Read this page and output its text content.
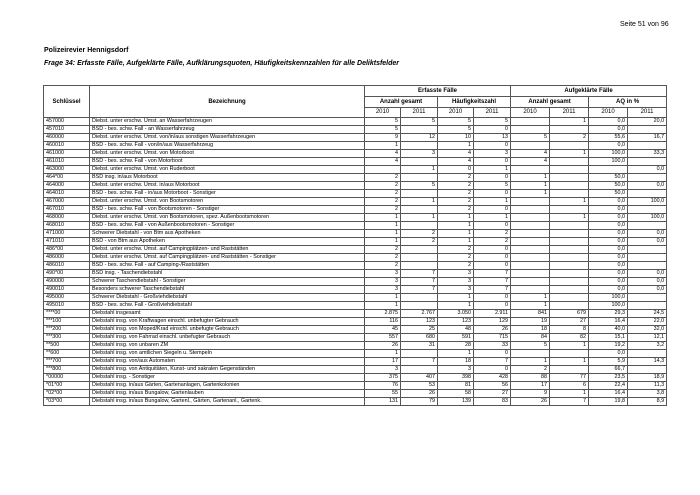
Seite 51 von 96
Polizeirevier Hennigsdorf
Frage 34: Erfasste Fälle, Aufgeklärte Fälle, Aufklärungsquoten, Häufigkeitskennzahlen für alle Deliktsfelder
Schlüssel	Bezeichnung	Erfasste Fälle				Aufgeklärte Fälle			
		Anzahl gesamt		Häufigkeitszahl		Anzahl gesamt		AQ in %	
		2010	2011	2010	2011	2010	2011	2010	2011
457000	Diebst. unter erschw. Umst. an Wasserfahrzeugen	5	5	5	5		1	0,0	20,0
457010	BSD - bes. schw. Fall - an Wasserfahrzeug	5		5	0			0,0	
460000	Diebst. unter erschw. Umst. von/in/aus sonstigen Wasserfahrzeugen	9	12	10	13	5	2	55,6	16,7
460010	BSD - bes. schw. Fall - von/in/aus Wasserfahrzeug	1		1	0			0,0	
461000	Diebst. unter erschw. Umst. von Motorboot	4	3	4	3	4	1	100,0	33,3
461010	BSD - bes. schw. Fall - von Motorboot	4		4	0	4		100,0	
463000	Diebst. unter erschw. Umst. von Ruderboot		1	0	1				0,0
464*00	BSD insg. in/aus Motorboot	2		2	0	1		50,0	
464000	Diebst. unter erschw. Umst. in/aus Motorboot	2	5	2	5	1		50,0	0,0
464010	BSD - bes. schw. Fall - in/aus Motorboot - Sonstiger	2		2	0	1		50,0	
467000	Diebst. unter erschw. Umst. von Bootsmotoren	2	1	2	1		1	0,0	100,0
467010	BSD - bes. schw. Fall - von Bootsmotoren - Sonstiger	2		2	0			0,0	
468000	Diebst. unter erschw. Umst. von Bootsmotoren, spez. Außenbootsmotoren	1	1	1	1		1	0,0	100,0
468010	BSD - bes. schw. Fall - von Außenbootsmotoren - Sonstiger	1		1	0			0,0	
471000	Schwerer Diebstahl - von Btm aus Apotheken	1	2	1	2			0,0	0,0
471010	BSD - von Btm aus Apotheken	1	2	1	2			0,0	0,0
486*00	Diebst. unter erschw. Umst. auf Campingplätzen- und Raststätten	2		2	0			0,0	
486000	Diebst. unter erschw. Umst. auf Campingplätzen- und Raststätten - Sonstiger	2		2	0			0,0	
486010	BSD - bes. schw. Fall - auf Camping-/Raststätten	2		2	0			0,0	
490*00	BSD insg. - Taschendiebstahl	3	7	3	7			0,0	0,0
490000	Schwerer Taschendiebstahl - Sonstiger	3	7	3	7			0,0	0,0
490010	Besonders schwerer Taschendiebstahl	3	7	3	7			0,0	0,0
495000	Schwerer Diebstahl - Großviehdiebstahl	1		1	0	1		100,0	
495010	BSD - bes. schw. Fall - Großviehdiebstahl	1		1	0	1		100,0	
****00	Diebstahl insgesamt	2.875	2.767	3.050	2.911	841	679	29,3	24,5
***100	Diebstahl insg. von Kraftwagen einschl. unbefugter Gebrauch	116	123	123	129	19	27	16,4	22,0
***200	Diebstahl insg. von Moped/Krad einschl. unbefugte Gebrauch	45	25	48	26	18	8	40,0	32,0
***300	Diebstahl insg. von Fahrrad einschl. unbefugter Gebrauch	557	680	591	715	84	82	15,1	12,1
**500	Diebstahl insg. von unbaren ZM	26	31	28	33	5	1	19,2	3,2
**600	Diebstahl insg. von amtlichen Siegeln u. Stempeln	1		1	0			0,0	
***700	Diebstahl insg. von/aus Automaten	17	7	18	7	1	1	5,9	14,3
***800	Diebstahl insg. von Antiquitäten, Kunst- und sakralen Gegenständen	3		3	0	2		66,7	
*00000	Diebstahl insg. - Sonstiger	375	407	398	428	88	77	23,5	18,9
*01*00	Diebstahl insg. in/aus Gärten, Gartenanlagen, Gartenkolonien	76	53	81	56	17	6	22,4	11,3
*02*00	Diebstahl insg. in/aus Bungalow, Gartenlauben	55	26	58	27	9	1	16,4	3,8
*03*00	Diebstahl insg. in/aus Bungalow, Gartenl., Gärten, Gartenanl., Gartenk.	131	79	139	83	26	7	19,8	8,9
